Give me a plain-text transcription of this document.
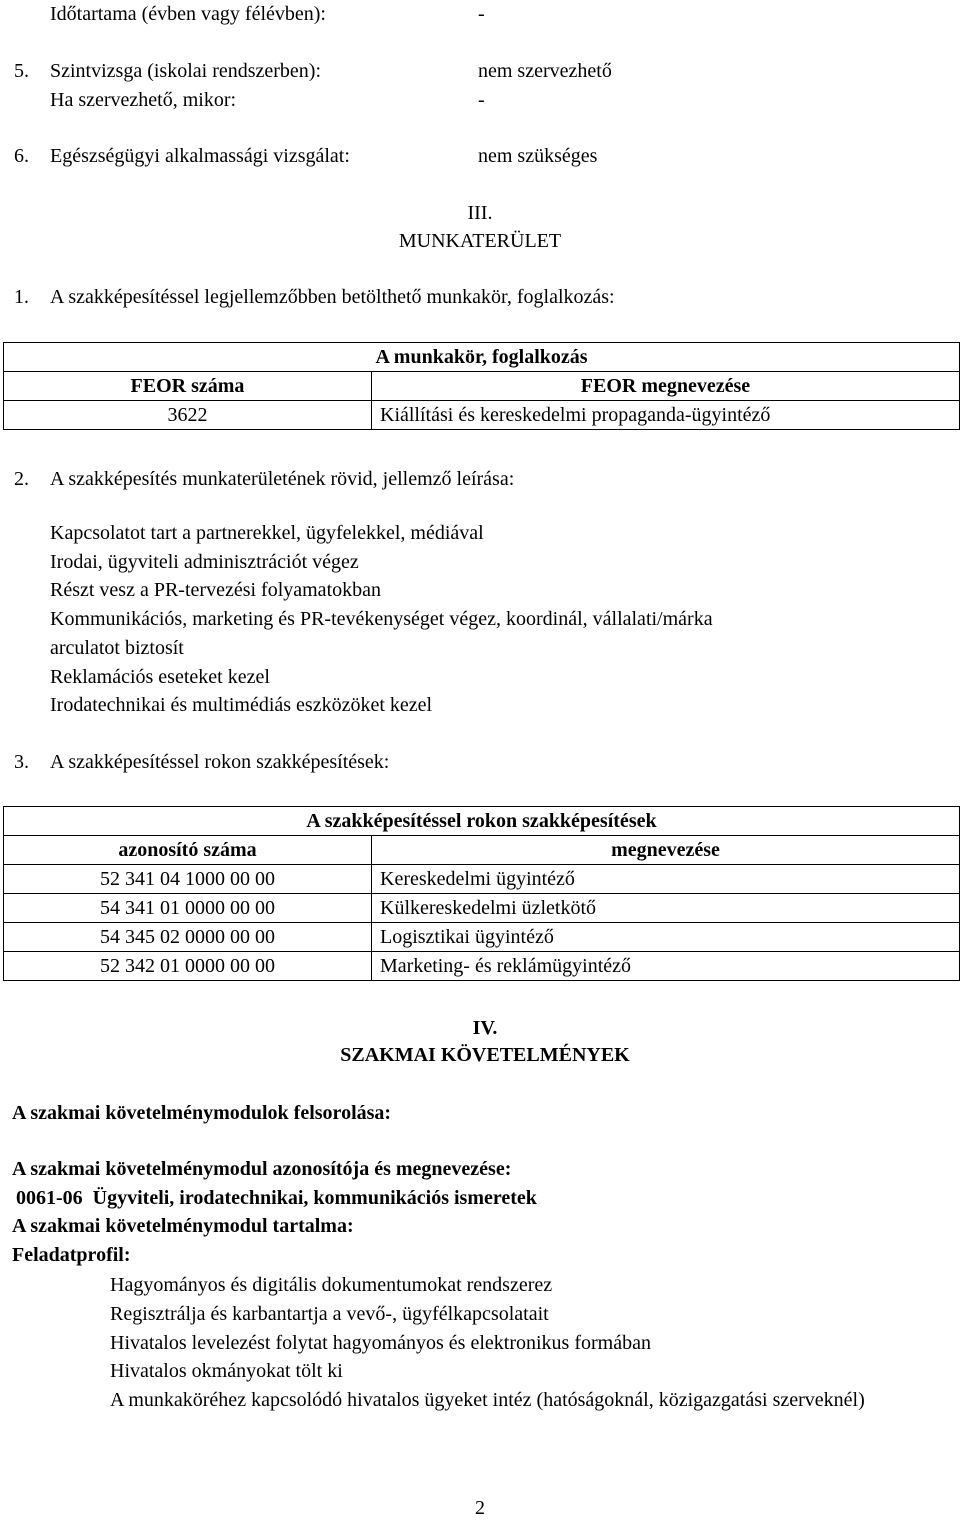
Időtartama (évben vagy félévben):	-
5. Szintvizsga (iskolai rendszerben):	nem szervezhető
Ha szervezhető, mikor:	-
6. Egészségügyi alkalmassági vizsgálat:	nem szükséges
III.
MUNKATERÜLET
1. A szakképesítéssel legjellemzőbben betölthető munkakör, foglalkozás:
A munkakör, foglalkozás	
FEOR száma	FEOR megnevezése
3622	Kiállítási és kereskedelmi propaganda-ügyintéző
2. A szakképesítés munkaterületének rövid, jellemző leírása:
Kapcsolatot tart a partnerekkel, ügyfelekkel, médiával
Irodai, ügyviteli adminisztrációt végez
Részt vesz a PR-tervezési folyamatokban
Kommunikációs, marketing és PR-tevékenységet végez, koordinál, vállalati/márka
arculatot biztosít
Reklamációs eseteket kezel
Irodatechnikai és multimédiás eszközöket kezel
3. A szakképesítéssel rokon szakképesítések:
A szakképesítéssel rokon szakképesítések	
azonosító száma	megnevezése
52 341 04 1000 00 00	Kereskedelmi ügyintéző
54 341 01 0000 00 00	Külkereskedelmi üzletkötő
54 345 02 0000 00 00	Logisztikai ügyintéző
52 342 01 0000 00 00	Marketing- és reklámügyintéző
IV.
SZAKMAI KÖVETELMÉNYEK
A szakmai követelménymodulok felsorolása:
A szakmai követelménymodul azonosítója és megnevezése:
0061-06  Ügyviteli, irodatechnikai, kommunikációs ismeretek
A szakmai követelménymodul tartalma:
Feladatprofil:
Hagyományos és digitális dokumentumokat rendszerez
Regisztrálja és karbantartja a vevő-, ügyfélkapcsolatait
Hivatalos levelezést folytat hagyományos és elektronikus formában
Hivatalos okmányokat tölt ki
A munkaköréhez kapcsolódó hivatalos ügyeket intéz (hatóságoknál, közigazgatási szerveknél)
2
